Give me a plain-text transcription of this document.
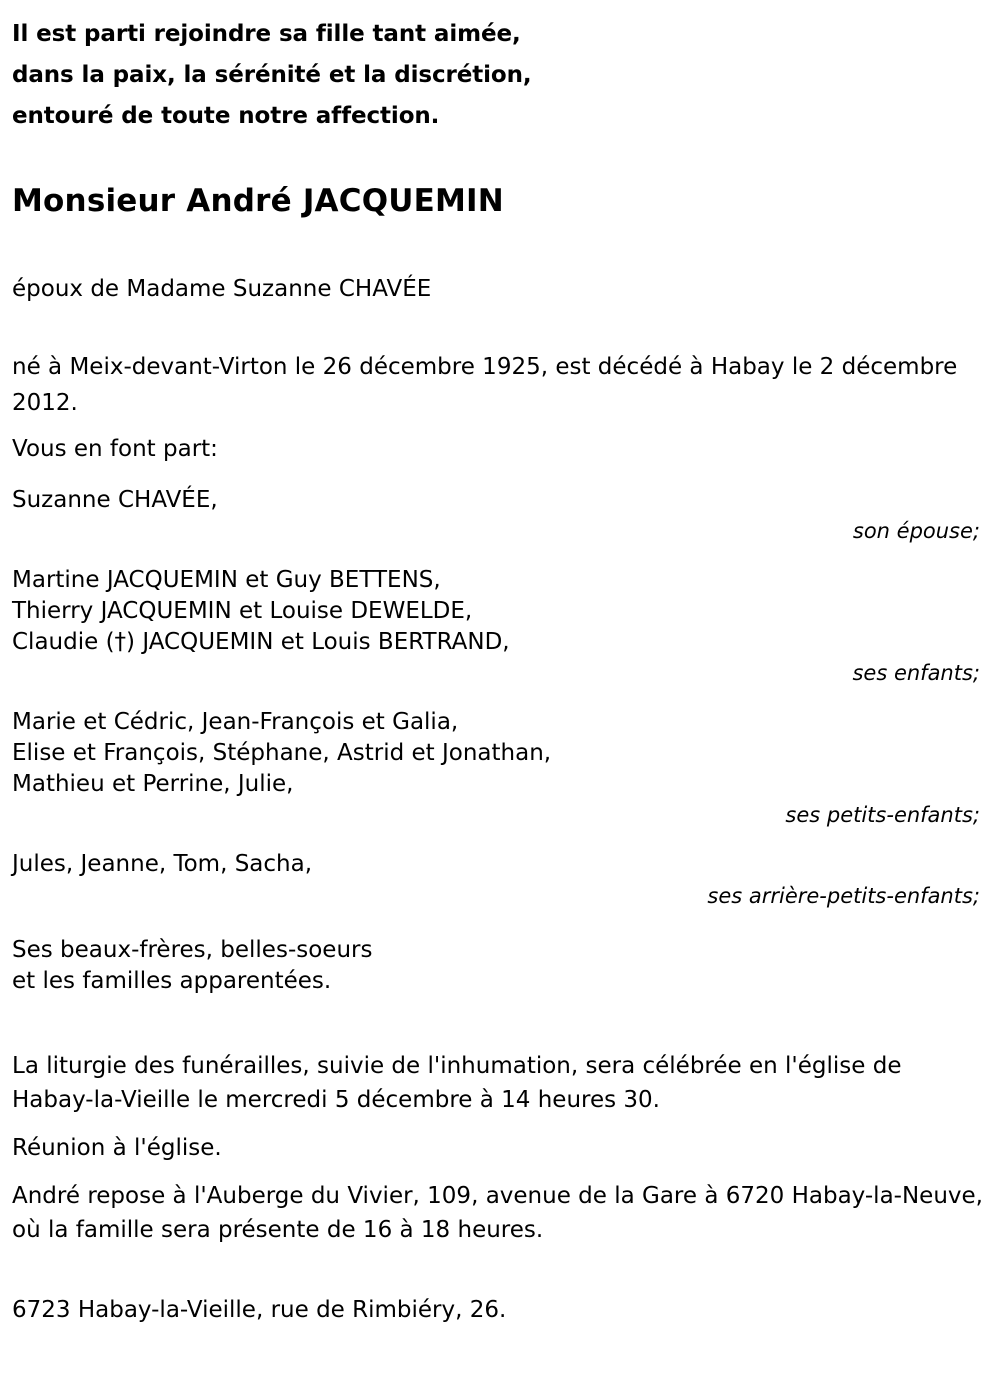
Il est parti rejoindre sa fille tant aimée,
dans la paix, la sérénité et la discrétion,
entouré de toute notre affection.
Monsieur André JACQUEMIN
époux de Madame Suzanne CHAVÉE
né à Meix-devant-Virton le 26 décembre 1925, est décédé à Habay le 2 décembre 2012.
Vous en font part:
Suzanne CHAVÉE,
son épouse;
Martine JACQUEMIN et Guy BETTENS,
Thierry JACQUEMIN et Louise DEWELDE,
Claudie (†) JACQUEMIN et Louis BERTRAND,
ses enfants;
Marie et Cédric, Jean-François et Galia,
Elise et François, Stéphane, Astrid et Jonathan,
Mathieu et Perrine, Julie,
ses petits-enfants;
Jules, Jeanne, Tom, Sacha,
ses arrière-petits-enfants;
Ses beaux-frères, belles-soeurs
et les familles apparentées.
La liturgie des funérailles, suivie de l'inhumation, sera célébrée en l'église de Habay-la-Vieille le mercredi 5 décembre à 14 heures 30.
Réunion à l'église.
André repose à l'Auberge du Vivier, 109, avenue de la Gare à 6720 Habay-la-Neuve, où la famille sera présente de 16 à 18 heures.
6723 Habay-la-Vieille, rue de Rimbiéry, 26.
